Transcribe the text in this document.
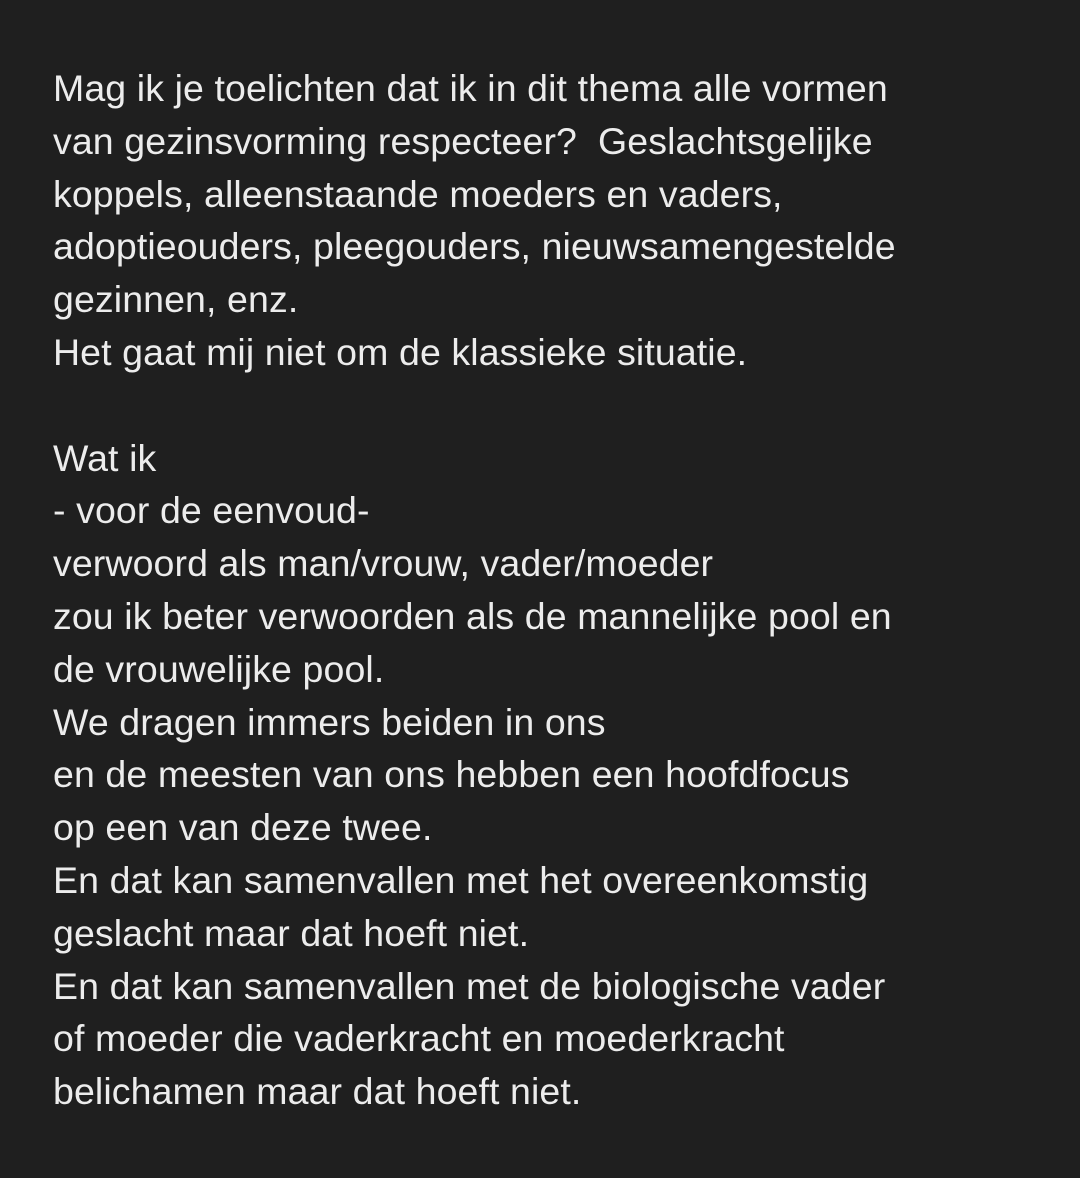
Mag ik je toelichten dat ik in dit thema alle vormen
van gezinsvorming respecteer?  Geslachtsgelijke
koppels, alleenstaande moeders en vaders,
adoptieouders, pleegouders, nieuwsamengestelde
gezinnen, enz.
Het gaat mij niet om de klassieke situatie.
Wat ik
- voor de eenvoud-
verwoord als man/vrouw, vader/moeder
zou ik beter verwoorden als de mannelijke pool en
de vrouwelijke pool.
We dragen immers beiden in ons
en de meesten van ons hebben een hoofdfocus
op een van deze twee.
En dat kan samenvallen met het overeenkomstig
geslacht maar dat hoeft niet.
En dat kan samenvallen met de biologische vader
of moeder die vaderkracht en moederkracht
belichamen maar dat hoeft niet.
